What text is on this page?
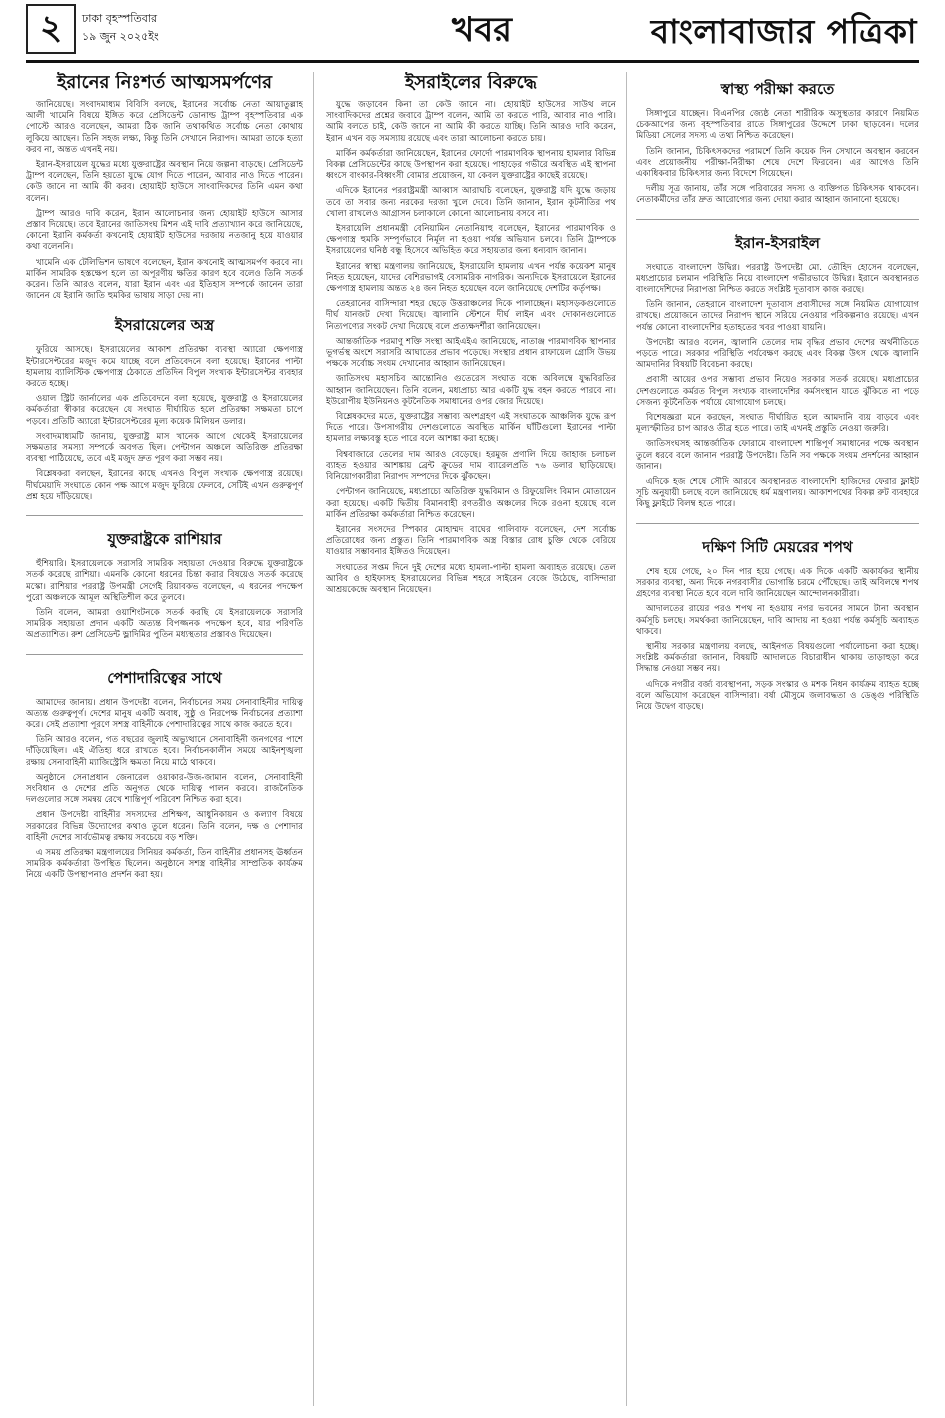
২	ঢাকা বৃহস্পতিবার
১৯ জুন ২০২৫ইং	খবর	বাংলাবাজার পত্রিকা
ইরানের নিঃশর্ত আত্মসমর্পণের

জানিয়েছে। সংবাদমাধ্যম বিবিসি বলছে, ইরানের সর্বোচ্চ নেতা আয়াতুল্লাহ আলী খামেনি বিষয়ে ইঙ্গিত করে প্রেসিডেন্ট ডোনাল্ড ট্রাম্প বৃহস্পতিবার এক পোস্টে আরও বলেছেন, আমরা ঠিক জানি তথাকথিত সর্বোচ্চ নেতা কোথায় লুকিয়ে আছেন। তিনি সহজ লক্ষ্য, কিন্তু তিনি সেখানে নিরাপদ। আমরা তাকে হত্যা করব না, অন্তত এখনই নয়।

ইরান-ইসরায়েল যুদ্ধের মধ্যে যুক্তরাষ্ট্রের অবস্থান নিয়ে জল্পনা বাড়ছে। প্রেসিডেন্ট ট্রাম্প বলেছেন, তিনি হয়তো যুদ্ধে যোগ দিতে পারেন, আবার নাও দিতে পারেন। কেউ জানে না আমি কী করব। হোয়াইট হাউসে সাংবাদিকদের তিনি এমন কথা বলেন।

ট্রাম্প আরও দাবি করেন, ইরান আলোচনার জন্য হোয়াইট হাউসে আসার প্রস্তাব দিয়েছে। তবে ইরানের জাতিসংঘ মিশন এই দাবি প্রত্যাখ্যান করে জানিয়েছে, কোনো ইরানি কর্মকর্তা কখনোই হোয়াইট হাউসের দরজায় নতজানু হয়ে যাওয়ার কথা বলেননি।

খামেনি এক টেলিভিশন ভাষণে বলেছেন, ইরান কখনোই আত্মসমর্পণ করবে না। মার্কিন সামরিক হস্তক্ষেপ হলে তা অপূরণীয় ক্ষতির কারণ হবে বলেও তিনি সতর্ক করেন। তিনি আরও বলেন, যারা ইরান এবং এর ইতিহাস সম্পর্কে জানেন তারা জানেন যে ইরানি জাতি হুমকির ভাষায় সাড়া দেয় না।

ইসরায়েলের অস্ত্র

ফুরিয়ে আসছে। ইসরায়েলের আকাশ প্রতিরক্ষা ব্যবস্থা অ্যারো ক্ষেপণাস্ত্র ইন্টারসেপ্টরের মজুদ কমে যাচ্ছে বলে প্রতিবেদনে বলা হয়েছে। ইরানের পাল্টা হামলায় ব্যালিস্টিক ক্ষেপণাস্ত্র ঠেকাতে প্রতিদিন বিপুল সংখ্যক ইন্টারসেপ্টর ব্যবহার করতে হচ্ছে।

ওয়াল স্ট্রিট জার্নালের এক প্রতিবেদনে বলা হয়েছে, যুক্তরাষ্ট্র ও ইসরায়েলের কর্মকর্তারা স্বীকার করেছেন যে সংঘাত দীর্ঘায়িত হলে প্রতিরক্ষা সক্ষমতা চাপে পড়বে। প্রতিটি অ্যারো ইন্টারসেপ্টরের মূল্য কয়েক মিলিয়ন ডলার।

সংবাদমাধ্যমটি জানায়, যুক্তরাষ্ট্র মাস খানেক আগে থেকেই ইসরায়েলের সক্ষমতার সমস্যা সম্পর্কে অবগত ছিল। পেন্টাগন অঞ্চলে অতিরিক্ত প্রতিরক্ষা ব্যবস্থা পাঠিয়েছে, তবে এই মজুদ দ্রুত পূরণ করা সম্ভব নয়।

বিশ্লেষকরা বলছেন, ইরানের কাছে এখনও বিপুল সংখ্যক ক্ষেপণাস্ত্র রয়েছে। দীর্ঘমেয়াদি সংঘাতে কোন পক্ষ আগে মজুদ ফুরিয়ে ফেলবে, সেটিই এখন গুরুত্বপূর্ণ প্রশ্ন হয়ে দাঁড়িয়েছে।

যুক্তরাষ্ট্রকে রাশিয়ার

হুঁশিয়ারি। ইসরায়েলকে সরাসরি সামরিক সহায়তা দেওয়ার বিরুদ্ধে যুক্তরাষ্ট্রকে সতর্ক করেছে রাশিয়া। এমনকি কোনো ধরনের চিন্তা করার বিষয়েও সতর্ক করেছে মস্কো। রাশিয়ার পররাষ্ট্র উপমন্ত্রী সের্গেই রিয়াবকভ বলেছেন, এ ধরনের পদক্ষেপ পুরো অঞ্চলকে আমূল অস্থিতিশীল করে তুলবে।

তিনি বলেন, আমরা ওয়াশিংটনকে সতর্ক করছি যে ইসরায়েলকে সরাসরি সামরিক সহায়তা প্রদান একটি অত্যন্ত বিপজ্জনক পদক্ষেপ হবে, যার পরিণতি অপ্রত্যাশিত। রুশ প্রেসিডেন্ট ভ্লাদিমির পুতিন মধ্যস্থতার প্রস্তাবও দিয়েছেন।

পেশাদারিত্বের সাথে

আমাদের জানায়। প্রধান উপদেষ্টা বলেন, নির্বাচনের সময় সেনাবাহিনীর দায়িত্ব অত্যন্ত গুরুত্বপূর্ণ। দেশের মানুষ একটি অবাধ, সুষ্ঠু ও নিরপেক্ষ নির্বাচনের প্রত্যাশা করে। সেই প্রত্যাশা পূরণে সশস্ত্র বাহিনীকে পেশাদারিত্বের সাথে কাজ করতে হবে।

তিনি আরও বলেন, গত বছরের জুলাই অভ্যুত্থানে সেনাবাহিনী জনগণের পাশে দাঁড়িয়েছিল। এই ঐতিহ্য ধরে রাখতে হবে। নির্বাচনকালীন সময়ে আইনশৃঙ্খলা রক্ষায় সেনাবাহিনী ম্যাজিস্ট্রেসি ক্ষমতা নিয়ে মাঠে থাকবে।

অনুষ্ঠানে সেনাপ্রধান জেনারেল ওয়াকার-উজ-জামান বলেন, সেনাবাহিনী সংবিধান ও দেশের প্রতি অনুগত থেকে দায়িত্ব পালন করবে। রাজনৈতিক দলগুলোর সঙ্গে সমন্বয় রেখে শান্তিপূর্ণ পরিবেশ নিশ্চিত করা হবে।

প্রধান উপদেষ্টা বাহিনীর সদস্যদের প্রশিক্ষণ, আধুনিকায়ন ও কল্যাণ বিষয়ে সরকারের বিভিন্ন উদ্যোগের কথাও তুলে ধরেন। তিনি বলেন, দক্ষ ও পেশাদার বাহিনী দেশের সার্বভৌমত্ব রক্ষায় সবচেয়ে বড় শক্তি।

এ সময় প্রতিরক্ষা মন্ত্রণালয়ের সিনিয়র কর্মকর্তা, তিন বাহিনীর প্রধানসহ ঊর্ধ্বতন সামরিক কর্মকর্তারা উপস্থিত ছিলেন। অনুষ্ঠানে সশস্ত্র বাহিনীর সাম্প্রতিক কার্যক্রম নিয়ে একটি উপস্থাপনাও প্রদর্শন করা হয়।

ইসরাইলের বিরুদ্ধে

যুদ্ধে জড়াবেন কিনা তা কেউ জানে না। হোয়াইট হাউসের সাউথ লনে সাংবাদিকদের প্রশ্নের জবাবে ট্রাম্প বলেন, আমি তা করতে পারি, আবার নাও পারি। আমি বলতে চাই, কেউ জানে না আমি কী করতে যাচ্ছি। তিনি আরও দাবি করেন, ইরান এখন বড় সমস্যায় রয়েছে এবং তারা আলোচনা করতে চায়।

মার্কিন কর্মকর্তারা জানিয়েছেন, ইরানের ফোর্দো পারমাণবিক স্থাপনায় হামলার বিভিন্ন বিকল্প প্রেসিডেন্টের কাছে উপস্থাপন করা হয়েছে। পাহাড়ের গভীরে অবস্থিত এই স্থাপনা ধ্বংসে বাংকার-বিধ্বংসী বোমার প্রয়োজন, যা কেবল যুক্তরাষ্ট্রের কাছেই রয়েছে।

এদিকে ইরানের পররাষ্ট্রমন্ত্রী আব্বাস আরাঘচি বলেছেন, যুক্তরাষ্ট্র যদি যুদ্ধে জড়ায় তবে তা সবার জন্য নরকের দরজা খুলে দেবে। তিনি জানান, ইরান কূটনীতির পথ খোলা রাখলেও আগ্রাসন চলাকালে কোনো আলোচনায় বসবে না।

ইসরায়েলি প্রধানমন্ত্রী বেনিয়ামিন নেতানিয়াহু বলেছেন, ইরানের পারমাণবিক ও ক্ষেপণাস্ত্র হুমকি সম্পূর্ণভাবে নির্মূল না হওয়া পর্যন্ত অভিযান চলবে। তিনি ট্রাম্পকে ইসরায়েলের ঘনিষ্ঠ বন্ধু হিসেবে অভিহিত করে সহায়তার জন্য ধন্যবাদ জানান।

ইরানের স্বাস্থ্য মন্ত্রণালয় জানিয়েছে, ইসরায়েলি হামলায় এখন পর্যন্ত কয়েকশ মানুষ নিহত হয়েছেন, যাদের বেশিরভাগই বেসামরিক নাগরিক। অন্যদিকে ইসরায়েলে ইরানের ক্ষেপণাস্ত্র হামলায় অন্তত ২৪ জন নিহত হয়েছেন বলে জানিয়েছে দেশটির কর্তৃপক্ষ।

তেহরানের বাসিন্দারা শহর ছেড়ে উত্তরাঞ্চলের দিকে পালাচ্ছেন। মহাসড়কগুলোতে দীর্ঘ যানজট দেখা দিয়েছে। জ্বালানি স্টেশনে দীর্ঘ লাইন এবং দোকানগুলোতে নিত্যপণ্যের সংকট দেখা দিয়েছে বলে প্রত্যক্ষদর্শীরা জানিয়েছেন।

আন্তর্জাতিক পরমাণু শক্তি সংস্থা আইএইএ জানিয়েছে, নাতাঞ্জ পারমাণবিক স্থাপনার ভূগর্ভস্থ অংশে সরাসরি আঘাতের প্রভাব পড়েছে। সংস্থার প্রধান রাফায়েল গ্রোসি উভয় পক্ষকে সর্বোচ্চ সংযম দেখানোর আহ্বান জানিয়েছেন।

জাতিসংঘ মহাসচিব আন্তোনিও গুতেরেস সংঘাত বন্ধে অবিলম্বে যুদ্ধবিরতির আহ্বান জানিয়েছেন। তিনি বলেন, মধ্যপ্রাচ্য আর একটি যুদ্ধ বহন করতে পারবে না। ইউরোপীয় ইউনিয়নও কূটনৈতিক সমাধানের ওপর জোর দিয়েছে।

বিশ্লেষকদের মতে, যুক্তরাষ্ট্রের সম্ভাব্য অংশগ্রহণ এই সংঘাতকে আঞ্চলিক যুদ্ধে রূপ দিতে পারে। উপসাগরীয় দেশগুলোতে অবস্থিত মার্কিন ঘাঁটিগুলো ইরানের পাল্টা হামলার লক্ষ্যবস্তু হতে পারে বলে আশঙ্কা করা হচ্ছে।

বিশ্ববাজারে তেলের দাম আরও বেড়েছে। হরমুজ প্রণালি দিয়ে জাহাজ চলাচল ব্যাহত হওয়ার আশঙ্কায় ব্রেন্ট ক্রুডের দাম ব্যারেলপ্রতি ৭৬ ডলার ছাড়িয়েছে। বিনিয়োগকারীরা নিরাপদ সম্পদের দিকে ঝুঁকছেন।

পেন্টাগন জানিয়েছে, মধ্যপ্রাচ্যে অতিরিক্ত যুদ্ধবিমান ও রিফুয়েলিং বিমান মোতায়েন করা হয়েছে। একটি দ্বিতীয় বিমানবাহী রণতরীও অঞ্চলের দিকে রওনা হয়েছে বলে মার্কিন প্রতিরক্ষা কর্মকর্তারা নিশ্চিত করেছেন।

ইরানের সংসদের স্পিকার মোহাম্মদ বাঘের গালিবাফ বলেছেন, দেশ সর্বোচ্চ প্রতিরোধের জন্য প্রস্তুত। তিনি পারমাণবিক অস্ত্র বিস্তার রোধ চুক্তি থেকে বেরিয়ে যাওয়ার সম্ভাবনার ইঙ্গিতও দিয়েছেন।

সংঘাতের সপ্তম দিনে দুই দেশের মধ্যে হামলা-পাল্টা হামলা অব্যাহত রয়েছে। তেল আবিব ও হাইফাসহ ইসরায়েলের বিভিন্ন শহরে সাইরেন বেজে উঠেছে, বাসিন্দারা আশ্রয়কেন্দ্রে অবস্থান নিয়েছেন।

স্বাস্থ্য পরীক্ষা করতে

সিঙ্গাপুরে যাচ্ছেন। বিএনপির জ্যেষ্ঠ নেতা শারীরিক অসুস্থতার কারণে নিয়মিত চেকআপের জন্য বৃহস্পতিবার রাতে সিঙ্গাপুরের উদ্দেশে ঢাকা ছাড়বেন। দলের মিডিয়া সেলের সদস্য এ তথ্য নিশ্চিত করেছেন।

তিনি জানান, চিকিৎসকদের পরামর্শে তিনি কয়েক দিন সেখানে অবস্থান করবেন এবং প্রয়োজনীয় পরীক্ষা-নিরীক্ষা শেষে দেশে ফিরবেন। এর আগেও তিনি একাধিকবার চিকিৎসার জন্য বিদেশে গিয়েছেন।

দলীয় সূত্র জানায়, তাঁর সঙ্গে পরিবারের সদস্য ও ব্যক্তিগত চিকিৎসক থাকবেন। নেতাকর্মীদের তাঁর দ্রুত আরোগ্যের জন্য দোয়া করার আহ্বান জানানো হয়েছে।

ইরান-ইসরাইল

সংঘাতে বাংলাদেশ উদ্বিগ্ন। পররাষ্ট্র উপদেষ্টা মো. তৌহিদ হোসেন বলেছেন, মধ্যপ্রাচ্যের চলমান পরিস্থিতি নিয়ে বাংলাদেশ গভীরভাবে উদ্বিগ্ন। ইরানে অবস্থানরত বাংলাদেশিদের নিরাপত্তা নিশ্চিত করতে সংশ্লিষ্ট দূতাবাস কাজ করছে।

তিনি জানান, তেহরানে বাংলাদেশ দূতাবাস প্রবাসীদের সঙ্গে নিয়মিত যোগাযোগ রাখছে। প্রয়োজনে তাদের নিরাপদ স্থানে সরিয়ে নেওয়ার পরিকল্পনাও রয়েছে। এখন পর্যন্ত কোনো বাংলাদেশির হতাহতের খবর পাওয়া যায়নি।

উপদেষ্টা আরও বলেন, জ্বালানি তেলের দাম বৃদ্ধির প্রভাব দেশের অর্থনীতিতে পড়তে পারে। সরকার পরিস্থিতি পর্যবেক্ষণ করছে এবং বিকল্প উৎস থেকে জ্বালানি আমদানির বিষয়টি বিবেচনা করছে।

প্রবাসী আয়ের ওপর সম্ভাব্য প্রভাব নিয়েও সরকার সতর্ক রয়েছে। মধ্যপ্রাচ্যের দেশগুলোতে কর্মরত বিপুল সংখ্যক বাংলাদেশির কর্মসংস্থান যাতে ঝুঁকিতে না পড়ে সেজন্য কূটনৈতিক পর্যায়ে যোগাযোগ চলছে।

বিশেষজ্ঞরা মনে করছেন, সংঘাত দীর্ঘায়িত হলে আমদানি ব্যয় বাড়বে এবং মূল্যস্ফীতির চাপ আরও তীব্র হতে পারে। তাই এখনই প্রস্তুতি নেওয়া জরুরি।

জাতিসংঘসহ আন্তর্জাতিক ফোরামে বাংলাদেশ শান্তিপূর্ণ সমাধানের পক্ষে অবস্থান তুলে ধরবে বলে জানান পররাষ্ট্র উপদেষ্টা। তিনি সব পক্ষকে সংযম প্রদর্শনের আহ্বান জানান।

এদিকে হজ শেষে সৌদি আরবে অবস্থানরত বাংলাদেশি হাজিদের ফেরার ফ্লাইট সূচি অনুযায়ী চলছে বলে জানিয়েছে ধর্ম মন্ত্রণালয়। আকাশপথের বিকল্প রুট ব্যবহারে কিছু ফ্লাইটে বিলম্ব হতে পারে।

দক্ষিণ সিটি মেয়রের শপথ

শেষ হয়ে গেছে, ২০ দিন পার হয়ে গেছে। এক দিকে একটি অকার্যকর স্থানীয় সরকার ব্যবস্থা, অন্য দিকে নগরবাসীর ভোগান্তি চরমে পৌঁছেছে। তাই অবিলম্বে শপথ গ্রহণের ব্যবস্থা নিতে হবে বলে দাবি জানিয়েছেন আন্দোলনকারীরা।

আদালতের রায়ের পরও শপথ না হওয়ায় নগর ভবনের সামনে টানা অবস্থান কর্মসূচি চলছে। সমর্থকরা জানিয়েছেন, দাবি আদায় না হওয়া পর্যন্ত কর্মসূচি অব্যাহত থাকবে।

স্থানীয় সরকার মন্ত্রণালয় বলছে, আইনগত বিষয়গুলো পর্যালোচনা করা হচ্ছে। সংশ্লিষ্ট কর্মকর্তারা জানান, বিষয়টি আদালতে বিচারাধীন থাকায় তাড়াহুড়া করে সিদ্ধান্ত নেওয়া সম্ভব নয়।

এদিকে নগরীর বর্জ্য ব্যবস্থাপনা, সড়ক সংস্কার ও মশক নিধন কার্যক্রম ব্যাহত হচ্ছে বলে অভিযোগ করেছেন বাসিন্দারা। বর্ষা মৌসুমে জলাবদ্ধতা ও ডেঙ্গু পরিস্থিতি নিয়ে উদ্বেগ বাড়ছে।
